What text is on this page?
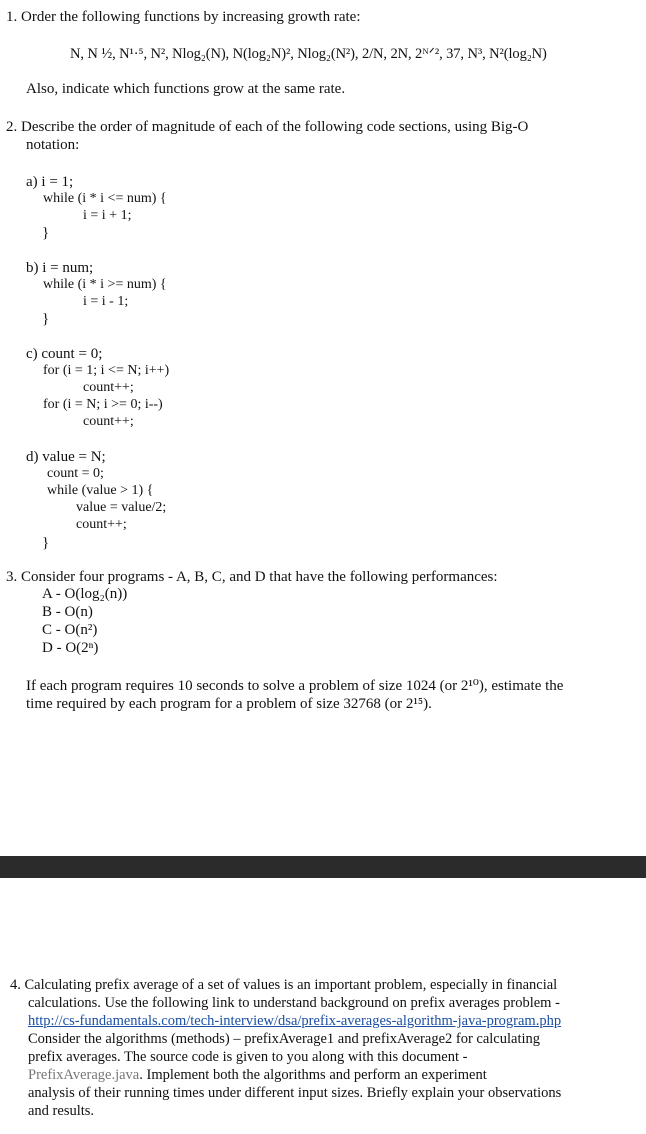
1. Order the following functions by increasing growth rate:
N, N ½, N¹·⁵, N², Nlog₂(N), N(log₂N)², Nlog₂(N²), 2/N, 2N, 2ᴺᐟ², 37, N³, N²(log₂N)
Also, indicate which functions grow at the same rate.
2. Describe the order of magnitude of each of the following code sections, using Big-O
notation:
a) i = 1;
while (i * i <= num) {
i = i + 1;
}
b) i = num;
while (i * i >= num) {
i = i - 1;
}
c) count = 0;
for (i = 1; i <= N; i++)
count++;
for (i = N; i >= 0; i--)
count++;
d) value = N;
count = 0;
while (value > 1) {
value = value/2;
count++;
}
3. Consider four programs - A, B, C, and D that have the following performances:
A - O(log₂(n))
B - O(n)
C - O(n²)
D - O(2ⁿ)
If each program requires 10 seconds to solve a problem of size 1024 (or 2¹⁰), estimate the
time required by each program for a problem of size 32768 (or 2¹⁵).
4. Calculating prefix average of a set of values is an important problem, especially in financial
calculations. Use the following link to understand background on prefix averages problem -
http://cs-fundamentals.com/tech-interview/dsa/prefix-averages-algorithm-java-program.php
Consider the algorithms (methods) – prefixAverage1 and prefixAverage2 for calculating
prefix averages. The source code is given to you along with this document -
PrefixAverage.java. Implement both the algorithms and perform an experiment
analysis of their running times under different input sizes. Briefly explain your observations
and results.
